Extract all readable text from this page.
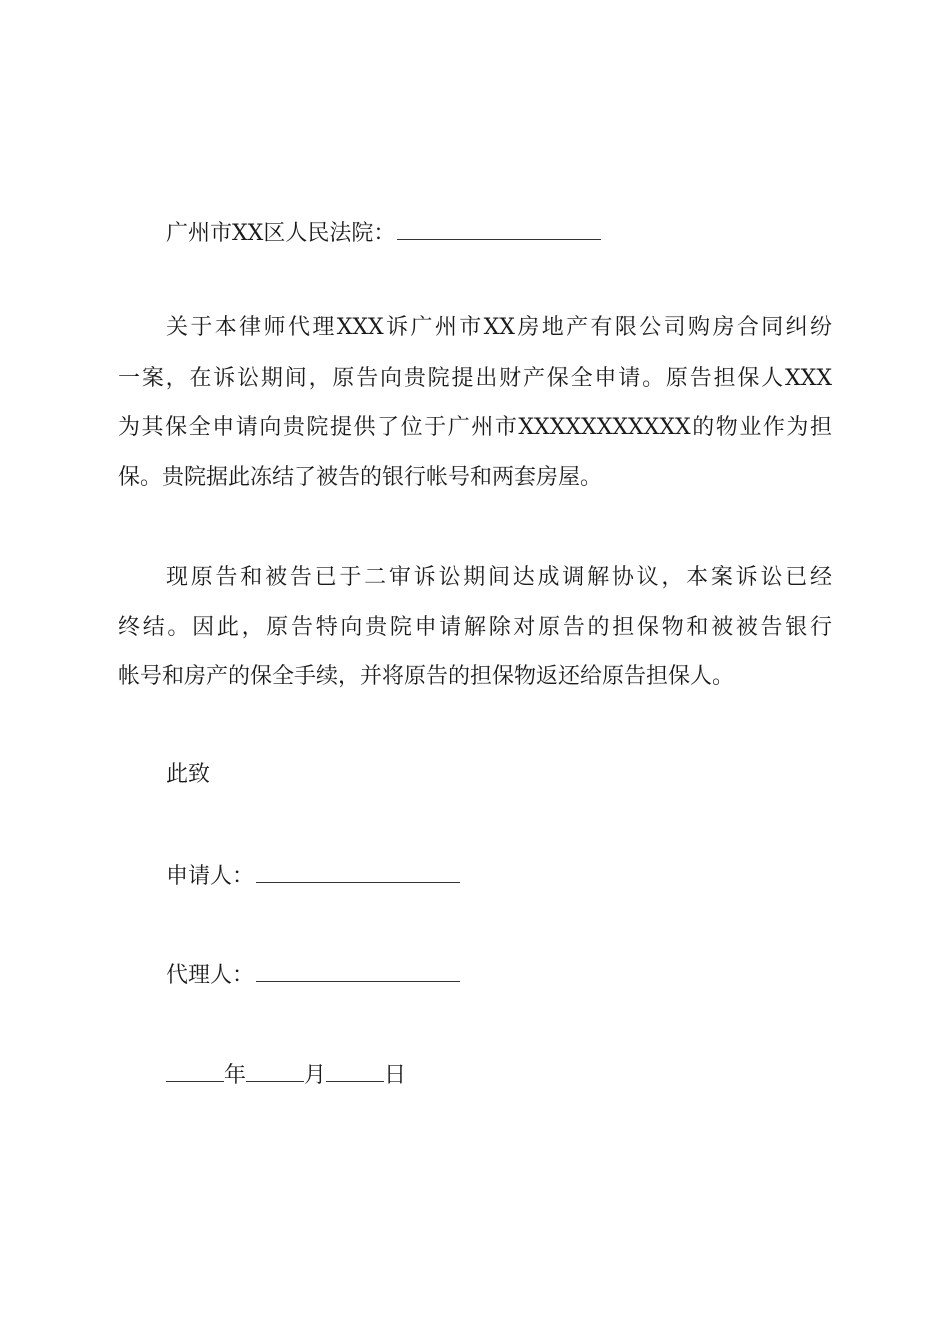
广州市XX区人民法院：
关于本律师代理XXX诉广州市XX房地产有限公司购房合同纠纷
一案，在诉讼期间，原告向贵院提出财产保全申请。原告担保人XXX
为其保全申请向贵院提供了位于广州市XXXXXXXXXXX的物业作为担
保。贵院据此冻结了被告的银行帐号和两套房屋。
现原告和被告已于二审诉讼期间达成调解协议，本案诉讼已经
终结。因此，原告特向贵院申请解除对原告的担保物和被被告银行
帐号和房产的保全手续，并将原告的担保物返还给原告担保人。
此致
申请人：
代理人：
年	月	日
